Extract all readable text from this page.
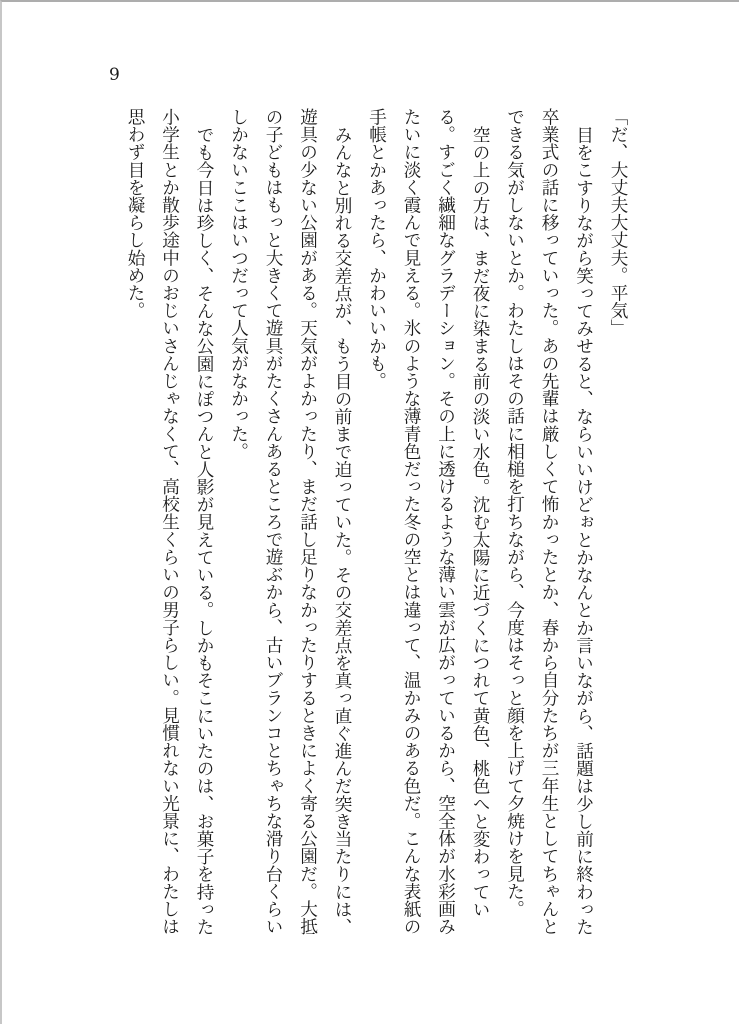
9

「だ、大丈夫大丈夫。平気」

目をこすりながら笑ってみせると、ならいいけどぉとかなんとか言いながら、話題は少し前に終わった卒業式の話に移っていった。あの先輩は厳しくて怖かったとか、春から自分たちが三年生としてちゃんとできる気がしないとか。わたしはその話に相槌を打ちながら、今度はそっと顔を上げて夕焼けを見た。

空の上の方は、まだ夜に染まる前の淡い水色。沈む太陽に近づくにつれて黄色、桃色へと変わっている。すごく繊細なグラデーション。その上に透けるような薄い雲が広がっているから、空全体が水彩画みたいに淡く霞んで見える。氷のような薄青色だった冬の空とは違って、温かみのある色だ。こんな表紙の手帳とかあったら、かわいいかも。

みんなと別れる交差点が、もう目の前まで迫っていた。その交差点を真っ直ぐ進んだ突き当たりには、遊具の少ない公園がある。天気がよかったり、まだ話し足りなかったりするときによく寄る公園だ。大抵の子どもはもっと大きくて遊具がたくさんあるところで遊ぶから、古いブランコとちゃちな滑り台くらいしかないここはいつだって人気がなかった。

でも今日は珍しく、そんな公園にぽつんと人影が見えている。しかもそこにいたのは、お菓子を持った小学生とか散歩途中のおじいさんじゃなくて、高校生くらいの男子らしい。見慣れない光景に、わたしは思わず目を凝らし始めた。
